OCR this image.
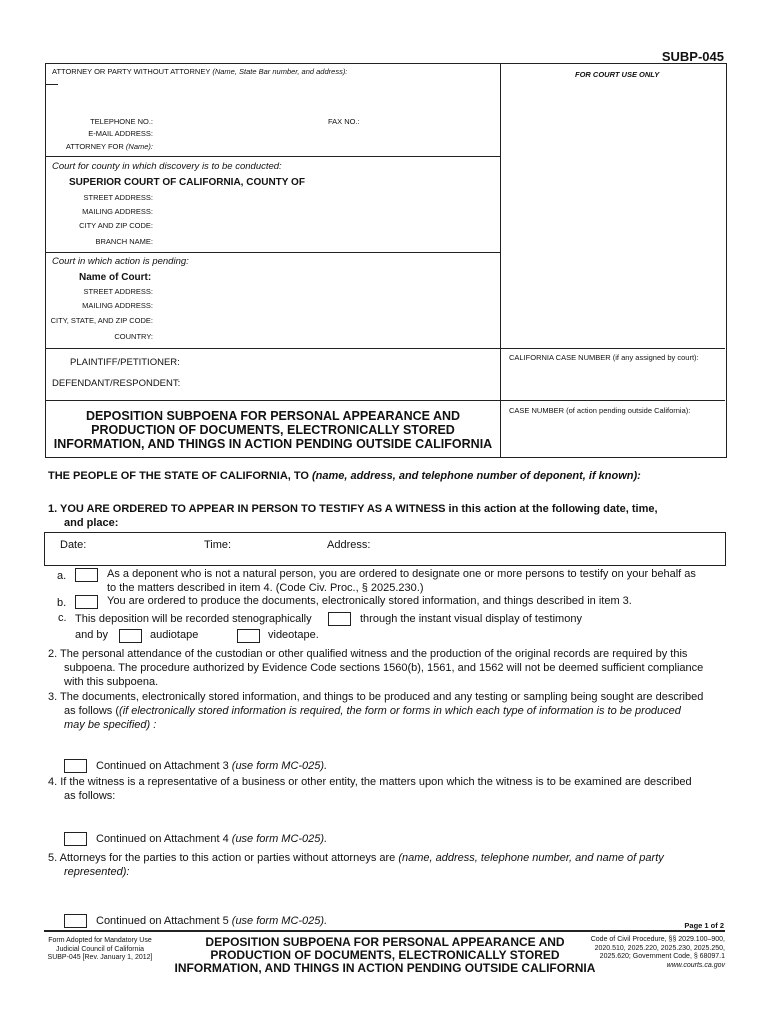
SUBP-045
ATTORNEY OR PARTY WITHOUT ATTORNEY (Name, State Bar number, and address):
TELEPHONE NO.:	FAX NO.:
E-MAIL ADDRESS:
ATTORNEY FOR (Name):
FOR COURT USE ONLY
Court for county in which discovery is to be conducted:
SUPERIOR COURT OF CALIFORNIA, COUNTY OF
STREET ADDRESS:
MAILING ADDRESS:
CITY AND ZIP CODE:
BRANCH NAME:
Court in which action is pending:
Name of Court:
STREET ADDRESS:
MAILING ADDRESS:
CITY, STATE, AND ZIP CODE:
COUNTRY:
PLAINTIFF/PETITIONER:
DEFENDANT/RESPONDENT:
CALIFORNIA CASE NUMBER (if any assigned by court):
CASE NUMBER (of action pending outside California):
DEPOSITION SUBPOENA FOR PERSONAL APPEARANCE AND
PRODUCTION OF DOCUMENTS, ELECTRONICALLY STORED
INFORMATION, AND THINGS IN ACTION PENDING OUTSIDE CALIFORNIA
THE PEOPLE OF THE STATE OF CALIFORNIA, TO (name, address, and telephone number of deponent, if known):
1. YOU ARE ORDERED TO APPEAR IN PERSON TO TESTIFY AS A WITNESS in this action at the following date, time,
and place:
Date:	Time:	Address:
a.	As a deponent who is not a natural person, you are ordered to designate one or more persons to testify on your behalf as
to the matters described in item 4. (Code Civ. Proc., § 2025.230.)
b.	You are ordered to produce the documents, electronically stored information, and things described in item 3.
c. This deposition will be recorded stenographically	through the instant visual display of testimony
and by	audiotape	videotape.
2. The personal attendance of the custodian or other qualified witness and the production of the original records are required by this
subpoena. The procedure authorized by Evidence Code sections 1560(b), 1561, and 1562 will not be deemed sufficient compliance
with this subpoena.
3. The documents, electronically stored information, and things to be produced and any testing or sampling being sought are described
as follows ((if electronically stored information is required, the form or forms in which each type of information is to be produced
may be specified) :
Continued on Attachment 3 (use form MC-025).
4. If the witness is a representative of a business or other entity, the matters upon which the witness is to be examined are described
as follows:
Continued on Attachment 4 (use form MC-025).
5. Attorneys for the parties to this action or parties without attorneys are (name, address, telephone number, and name of party
represented):
Continued on Attachment 5 (use form MC-025).	Page 1 of 2
Form Adopted for Mandatory Use
Judicial Council of California
SUBP-045 [Rev. January 1, 2012]
DEPOSITION SUBPOENA FOR PERSONAL APPEARANCE AND
PRODUCTION OF DOCUMENTS, ELECTRONICALLY STORED
INFORMATION, AND THINGS IN ACTION PENDING OUTSIDE CALIFORNIA
Code of Civil Procedure, §§ 2029.100–900,
2020.510, 2025.220, 2025.230, 2025.250,
2025.620; Government Code, § 68097.1
www.courts.ca.gov
